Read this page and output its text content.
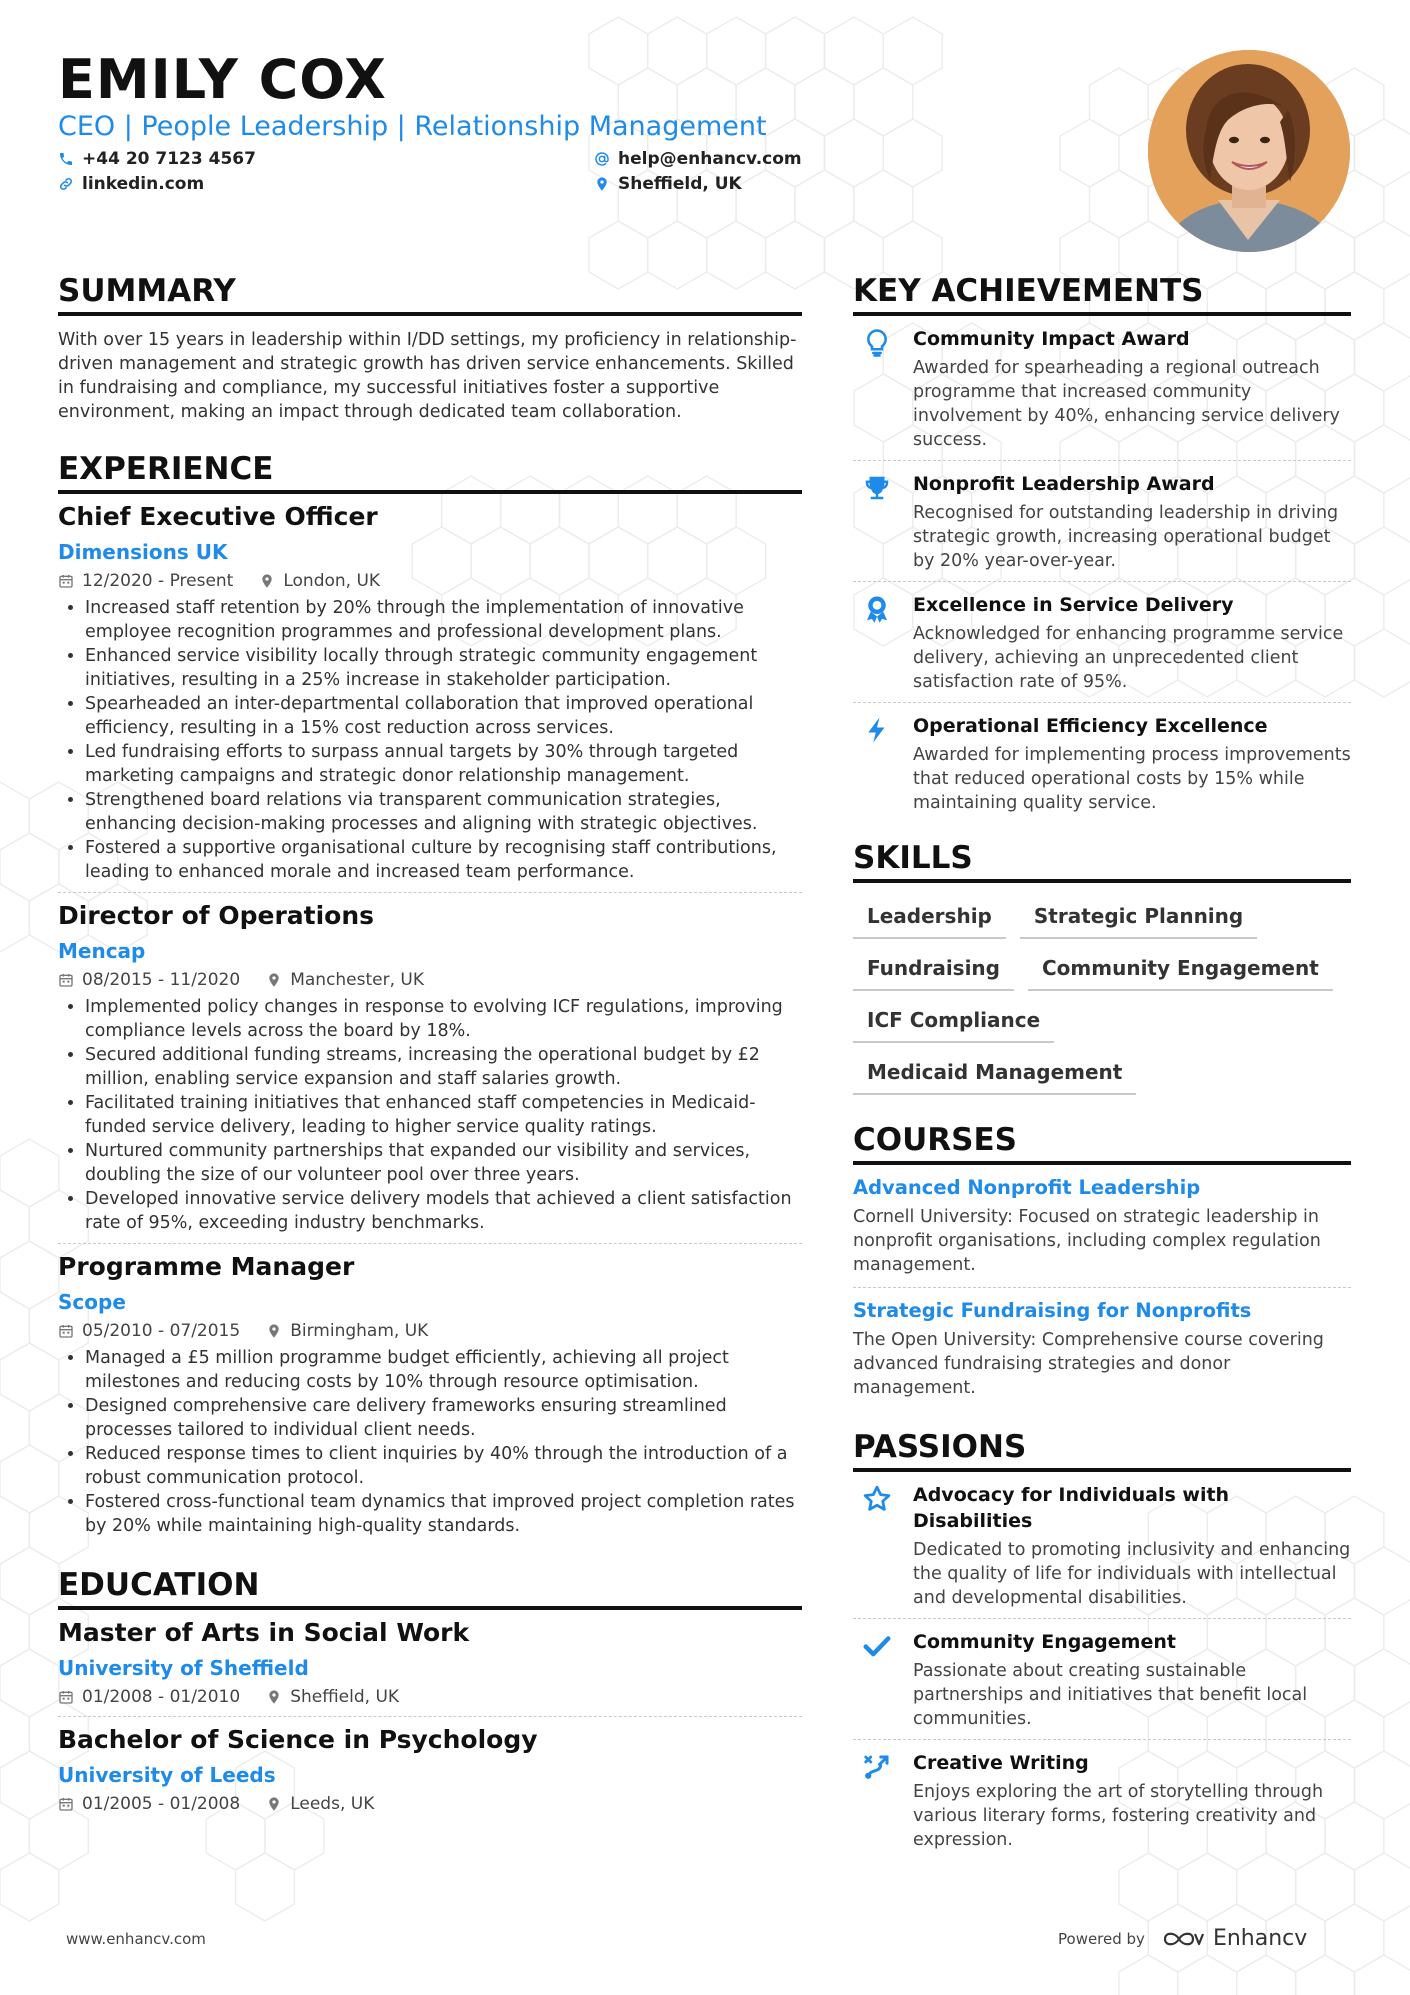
EMILY COX
CEO | People Leadership | Relationship Management
+44 20 7123 4567
linkedin.com
help@enhancv.com
Sheffield, UK
SUMMARY

With over 15 years in leadership within I/DD settings, my proficiency in relationship-driven management and strategic growth has driven service enhancements. Skilled in fundraising and compliance, my successful initiatives foster a supportive environment, making an impact through dedicated team collaboration.

EXPERIENCE
Chief Executive Officer
Dimensions UK
12/2020 - Present	London, UK
• Increased staff retention by 20% through the implementation of innovative employee recognition programmes and professional development plans.
• Enhanced service visibility locally through strategic community engagement initiatives, resulting in a 25% increase in stakeholder participation.
• Spearheaded an inter-departmental collaboration that improved operational efficiency, resulting in a 15% cost reduction across services.
• Led fundraising efforts to surpass annual targets by 30% through targeted marketing campaigns and strategic donor relationship management.
• Strengthened board relations via transparent communication strategies, enhancing decision-making processes and aligning with strategic objectives.
• Fostered a supportive organisational culture by recognising staff contributions, leading to enhanced morale and increased team performance.
Director of Operations
Mencap
08/2015 - 11/2020	Manchester, UK
• Implemented policy changes in response to evolving ICF regulations, improving compliance levels across the board by 18%.
• Secured additional funding streams, increasing the operational budget by £2 million, enabling service expansion and staff salaries growth.
• Facilitated training initiatives that enhanced staff competencies in Medicaid-funded service delivery, leading to higher service quality ratings.
• Nurtured community partnerships that expanded our visibility and services, doubling the size of our volunteer pool over three years.
• Developed innovative service delivery models that achieved a client satisfaction rate of 95%, exceeding industry benchmarks.
Programme Manager
Scope
05/2010 - 07/2015	Birmingham, UK
• Managed a £5 million programme budget efficiently, achieving all project milestones and reducing costs by 10% through resource optimisation.
• Designed comprehensive care delivery frameworks ensuring streamlined processes tailored to individual client needs.
• Reduced response times to client inquiries by 40% through the introduction of a robust communication protocol.
• Fostered cross-functional team dynamics that improved project completion rates by 20% while maintaining high-quality standards.
EDUCATION
Master of Arts in Social Work
University of Sheffield
01/2008 - 01/2010	Sheffield, UK
Bachelor of Science in Psychology
University of Leeds
01/2005 - 01/2008	Leeds, UK
KEY ACHIEVEMENTS
Community Impact Award

Awarded for spearheading a regional outreach programme that increased community involvement by 40%, enhancing service delivery success.

Nonprofit Leadership Award

Recognised for outstanding leadership in driving strategic growth, increasing operational budget by 20% year-over-year.

Excellence in Service Delivery

Acknowledged for enhancing programme service delivery, achieving an unprecedented client satisfaction rate of 95%.

Operational Efficiency Excellence

Awarded for implementing process improvements that reduced operational costs by 15% while maintaining quality service.

SKILLS
Leadership	Strategic Planning
Fundraising	Community Engagement
ICF Compliance
Medicaid Management
COURSES
Advanced Nonprofit Leadership

Cornell University: Focused on strategic leadership in nonprofit organisations, including complex regulation management.

Strategic Fundraising for Nonprofits

The Open University: Comprehensive course covering advanced fundraising strategies and donor management.

PASSIONS
Advocacy for Individuals with Disabilities

Dedicated to promoting inclusivity and enhancing the quality of life for individuals with intellectual and developmental disabilities.

Community Engagement

Passionate about creating sustainable partnerships and initiatives that benefit local communities.

Creative Writing

Enjoys exploring the art of storytelling through various literary forms, fostering creativity and expression.

www.enhancv.com	Powered by	Enhancv
